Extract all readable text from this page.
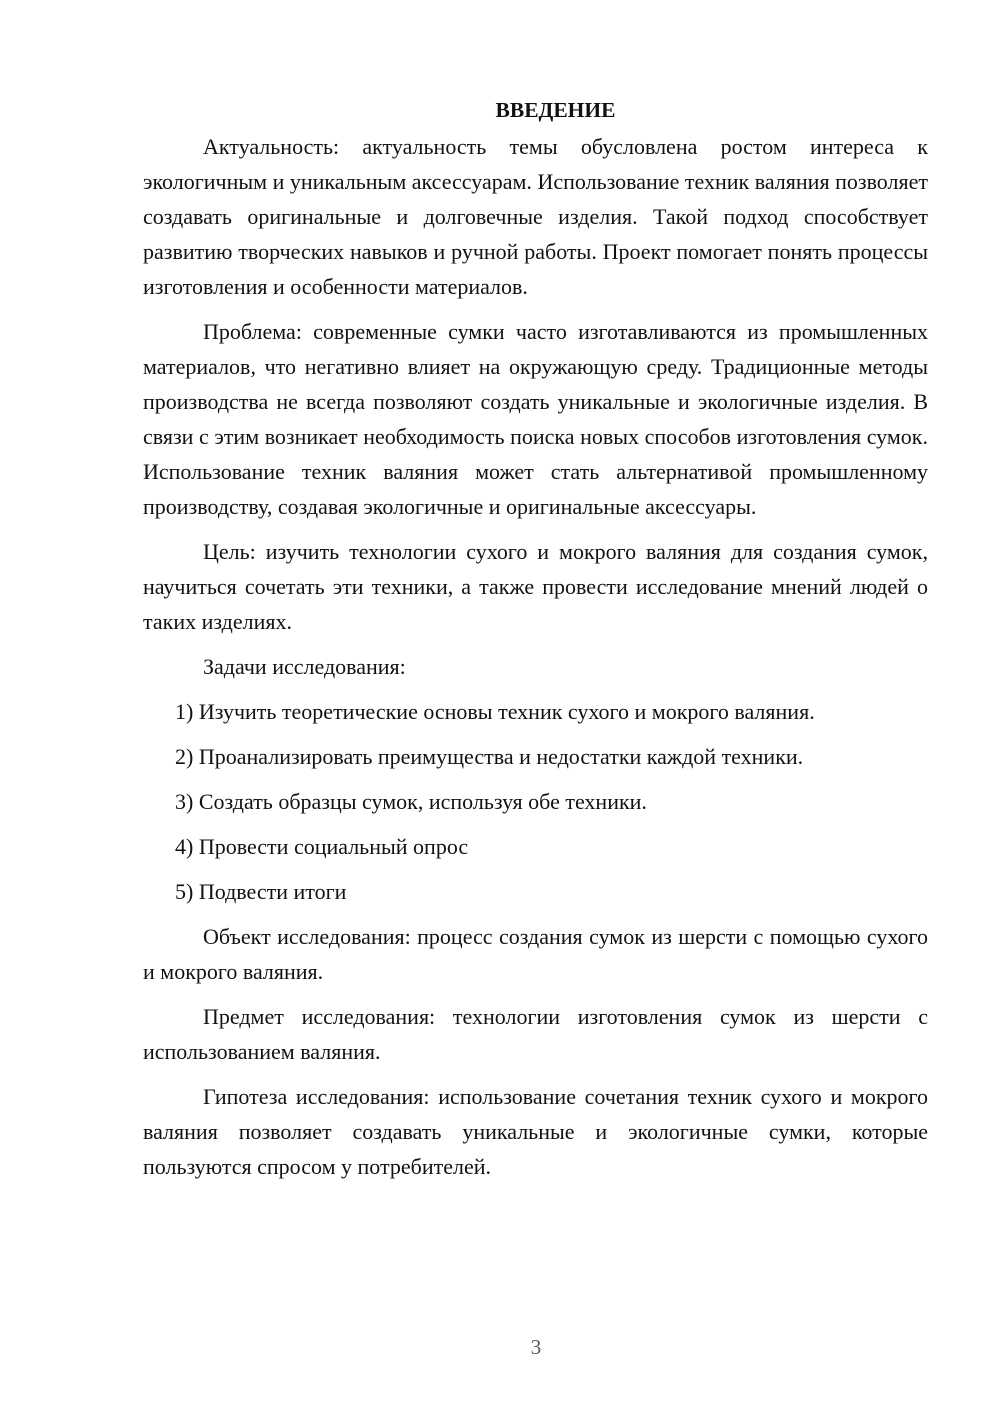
ВВЕДЕНИЕ

Актуальность: актуальность темы обусловлена ростом интереса к экологичным и уникальным аксессуарам. Использование техник валяния позволяет создавать оригинальные и долговечные изделия. Такой подход способствует развитию творческих навыков и ручной работы. Проект помогает понять процессы изготовления и особенности материалов.

Проблема: современные сумки часто изготавливаются из промышленных материалов, что негативно влияет на окружающую среду. Традиционные методы производства не всегда позволяют создать уникальные и экологичные изделия. В связи с этим возникает необходимость поиска новых способов изготовления сумок. Использование техник валяния может стать альтернативой промышленному производству, создавая экологичные и оригинальные аксессуары.

Цель: изучить технологии сухого и мокрого валяния для создания сумок, научиться сочетать эти техники, а также провести исследование мнений людей о таких изделиях.

Задачи исследования:

1) Изучить теоретические основы техник сухого и мокрого валяния.
2) Проанализировать преимущества и недостатки каждой техники.
3) Создать образцы сумок, используя обе техники.
4) Провести социальный опрос
5) Подвести итоги

Объект исследования: процесс создания сумок из шерсти с помощью сухого и мокрого валяния.

Предмет исследования: технологии изготовления сумок из шерсти с использованием валяния.

Гипотеза исследования: использование сочетания техник сухого и мокрого валяния позволяет создавать уникальные и экологичные сумки, которые пользуются спросом у потребителей.

3
